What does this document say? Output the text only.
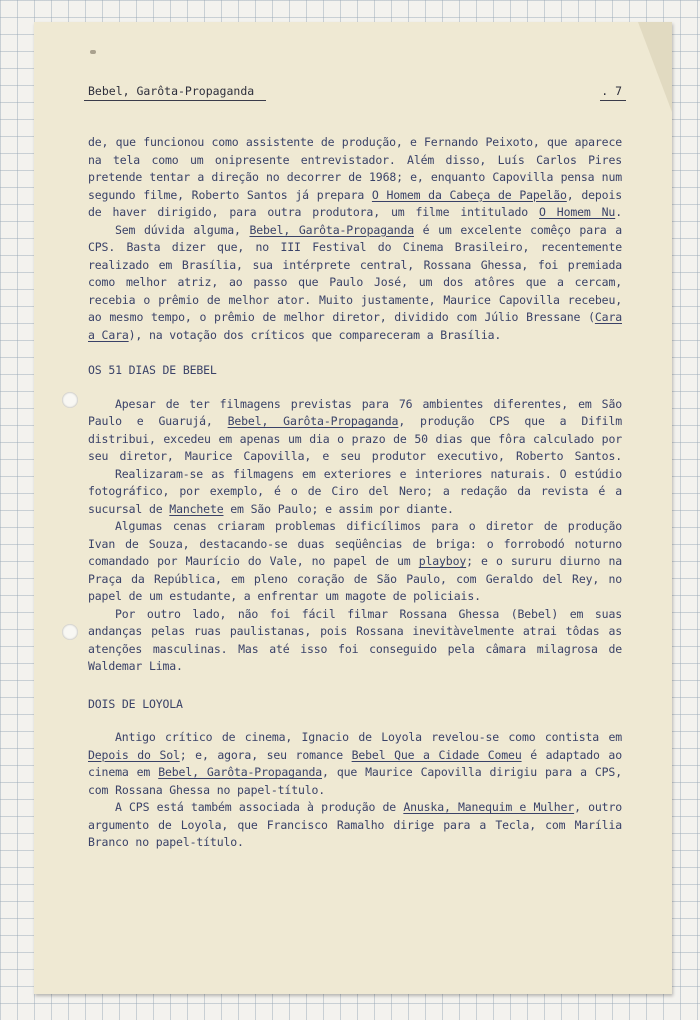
Bebel, Garôta-Propaganda	. 7

de, que funcionou como assistente de produção, e Fernando Peixoto, que aparece na tela como um onipresente entrevistador. Além disso, Luís Carlos Pires pretende tentar a direção no decorrer de 1968; e, enquanto Capovilla pensa num segundo filme, Roberto Santos já prepara O Homem da Cabeça de Papelão, depois de haver dirigido, para outra produtora, um filme intitulado O Homem Nu.

Sem dúvida alguma, Bebel, Garôta-Propaganda é um excelente comêço para a CPS. Basta dizer que, no III Festival do Cinema Brasileiro, recentemente realizado em Brasília, sua intérprete central, Rossana Ghessa, foi premiada como melhor atriz, ao passo que Paulo José, um dos atôres que a cercam, recebia o prêmio de melhor ator. Muito justamente, Maurice Capovilla recebeu, ao mesmo tempo, o prêmio de melhor diretor, dividido com Júlio Bressane (Cara a Cara), na votação dos críticos que compareceram a Brasília.

OS 51 DIAS DE BEBEL

Apesar de ter filmagens previstas para 76 ambientes diferentes, em São Paulo e Guarujá, Bebel, Garôta-Propaganda, produção CPS que a Difilm distribui, excedeu em apenas um dia o prazo de 50 dias que fôra calculado por seu diretor, Maurice Capovilla, e seu produtor executivo, Roberto Santos.

Realizaram-se as filmagens em exteriores e interiores naturais. O estúdio fotográfico, por exemplo, é o de Ciro del Nero; a redação da revista é a sucursal de Manchete em São Paulo; e assim por diante.

Algumas cenas criaram problemas dificílimos para o diretor de produção Ivan de Souza, destacando-se duas seqüências de briga: o forrobodó noturno comandado por Maurício do Vale, no papel de um playboy; e o sururu diurno na Praça da República, em pleno coração de São Paulo, com Geraldo del Rey, no papel de um estudante, a enfrentar um magote de policiais.

Por outro lado, não foi fácil filmar Rossana Ghessa (Bebel) em suas andanças pelas ruas paulistanas, pois Rossana inevitàvelmente atrai tôdas as atenções masculinas. Mas até isso foi conseguido pela câmara milagrosa de Waldemar Lima.

DOIS DE LOYOLA

Antigo crítico de cinema, Ignacio de Loyola revelou-se como contista em Depois do Sol; e, agora, seu romance Bebel Que a Cidade Comeu é adaptado ao cinema em Bebel, Garôta-Propaganda, que Maurice Capovilla dirigiu para a CPS, com Rossana Ghessa no papel-título.

A CPS está também associada à produção de Anuska, Manequim e Mulher, outro argumento de Loyola, que Francisco Ramalho dirige para a Tecla, com Marília Branco no papel-título.
